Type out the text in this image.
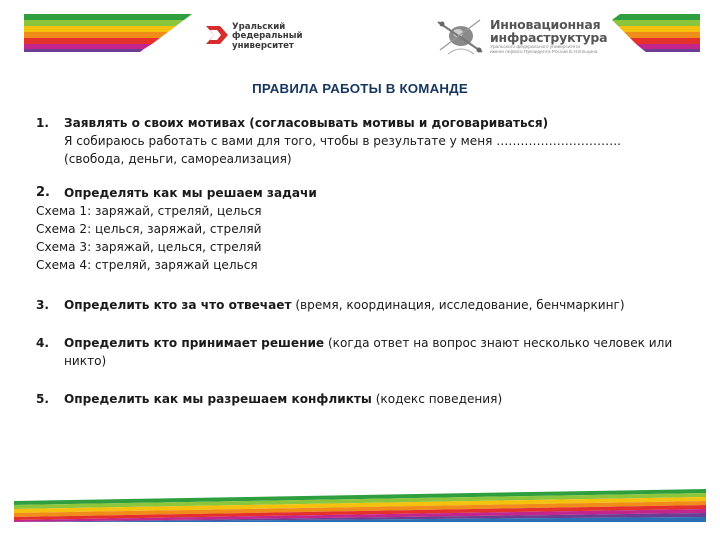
Уральский
федеральный
университет
Инновационная
инфраструктура
Уральского федерального университета
имени первого Президента России Б.Н.Ельцина
ПРАВИЛА РАБОТЫ В КОМАНДЕ
1. Заявлять о своих мотивах (согласовывать мотивы и договариваться)
Я собираюсь работать с вами для того, чтобы в результате у меня ………………………….
(свобода, деньги, самореализация)
2. Определять как мы решаем задачи
Схема 1: заряжай, стреляй, целься
Схема 2: целься, заряжай, стреляй
Схема 3: заряжай, целься, стреляй
Схема 4: стреляй, заряжай целься
3. Определить кто за что отвечает (время, координация, исследование, бенчмаркинг)
4. Определить кто принимает решение (когда ответ на вопрос знают несколько человек или
никто)
5. Определить как мы разрешаем конфликты (кодекс поведения)
